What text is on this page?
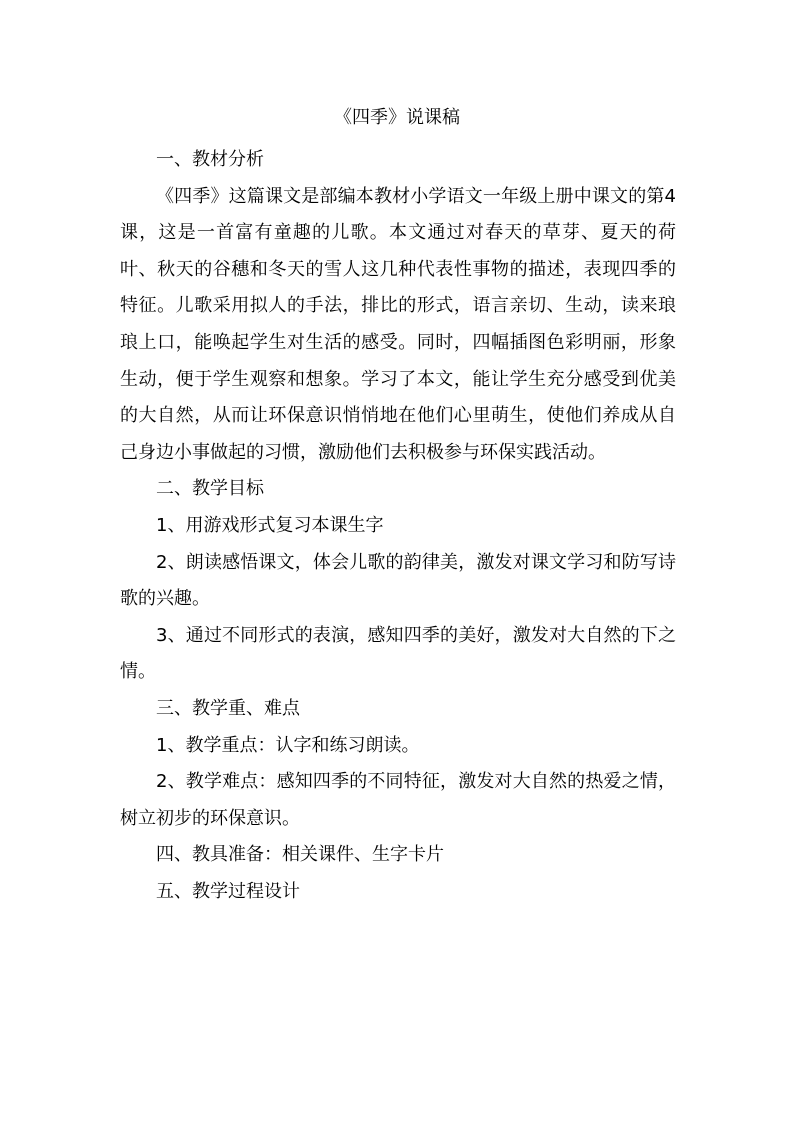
《四季》说课稿

一、教材分析

《四季》这篇课文是部编本教材小学语文一年级上册中课文的第4课，这是一首富有童趣的儿歌。本文通过对春天的草芽、夏天的荷叶、秋天的谷穗和冬天的雪人这几种代表性事物的描述，表现四季的特征。儿歌采用拟人的手法，排比的形式，语言亲切、生动，读来琅琅上口，能唤起学生对生活的感受。同时，四幅插图色彩明丽，形象生动，便于学生观察和想象。学习了本文，能让学生充分感受到优美的大自然，从而让环保意识悄悄地在他们心里萌生，使他们养成从自己身边小事做起的习惯，激励他们去积极参与环保实践活动。

二、教学目标

1、用游戏形式复习本课生字

2、朗读感悟课文，体会儿歌的韵律美，激发对课文学习和防写诗歌的兴趣。

3、通过不同形式的表演，感知四季的美好，激发对大自然的下之情。

三、教学重、难点

1、教学重点：认字和练习朗读。

2、教学难点：感知四季的不同特征，激发对大自然的热爱之情，树立初步的环保意识。

四、教具准备：相关课件、生字卡片

五、教学过程设计
